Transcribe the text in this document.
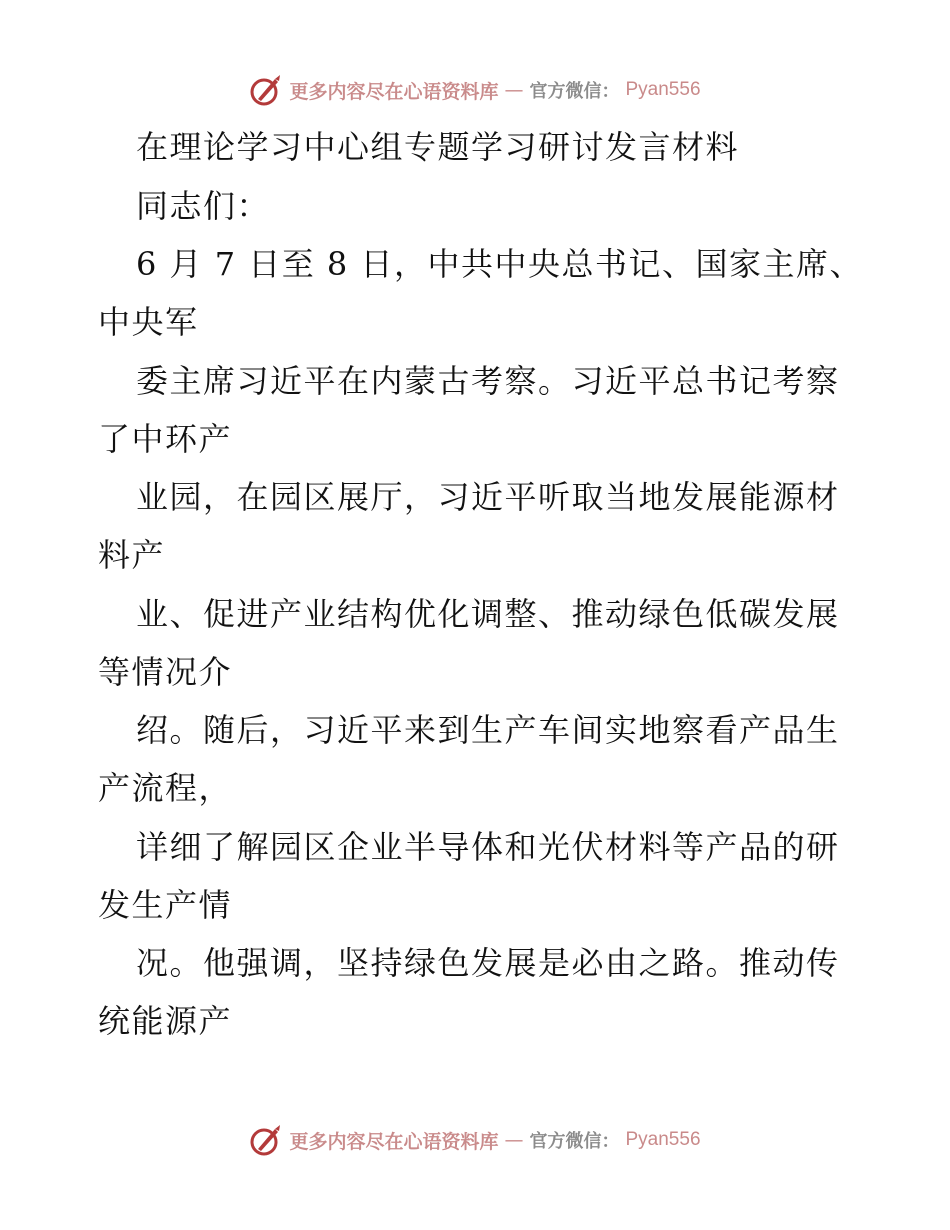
更多内容尽在心语资料库 — 官方微信： Pyan556
在理论学习中心组专题学习研讨发言材料
同志们：
6 月 7 日至 8 日，中共中央总书记、国家主席、
中央军
委主席习近平在内蒙古考察。习近平总书记考察
了中环产
业园，在园区展厅，习近平听取当地发展能源材
料产
业、促进产业结构优化调整、推动绿色低碳发展
等情况介
绍。随后，习近平来到生产车间实地察看产品生
产流程，
详细了解园区企业半导体和光伏材料等产品的研
发生产情
况。他强调，坚持绿色发展是必由之路。推动传
统能源产
更多内容尽在心语资料库 — 官方微信： Pyan556
